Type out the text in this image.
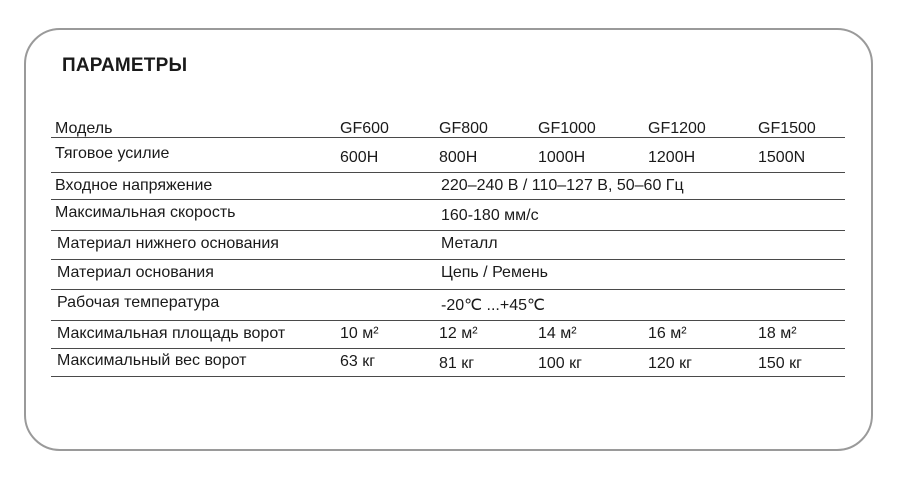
ПАРАМЕТРЫ
Модель	GF600	GF800	GF1000	GF1200	GF1500
Тяговое усилие	600H	800H	1000H	1200H	1500N
Входное напряжение	220–240 В / 110–127 В, 50–60 Гц
Максимальная скорость	160-180 мм/с
Материал нижнего основания	Металл
Материал основания	Цепь / Ремень
Рабочая температура	-20℃ ...+45℃
Максимальная площадь ворот	10 м²	12 м²	14 м²	16 м²	18 м²
Максимальный вес ворот	63 кг	81 кг	100 кг	120 кг	150 кг
